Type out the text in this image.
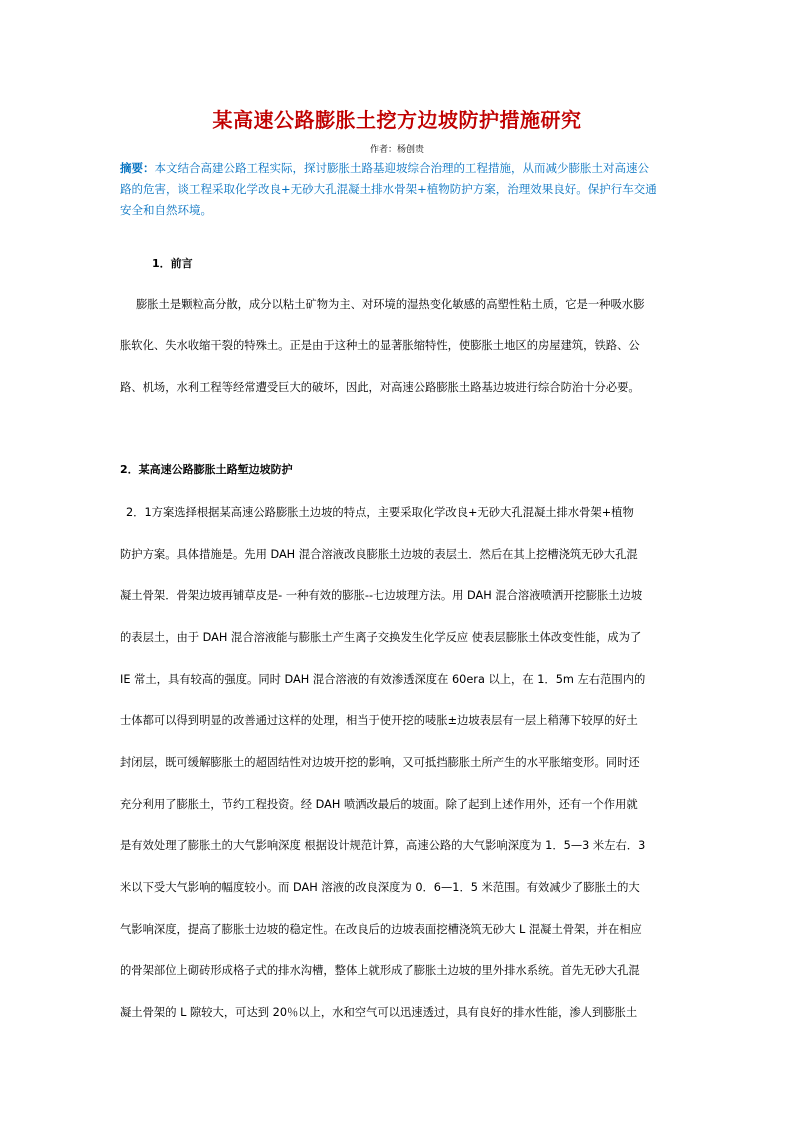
某高速公路膨胀土挖方边坡防护措施研究
作者：杨创贵
摘要：本文结合高建公路工程实际，探讨膨胀土路基迎坡综合治理的工程措施，从而减少膨胀土对高速公
路的危害，谈工程采取化学改良+无砂大孔混凝土排水骨架+植物防护方案，治理效果良好。保护行车交通
安全和自然环境。
1．前言
膨胀土是颗粒高分散，成分以粘土矿物为主、对环境的湿热变化敏感的高塑性粘土质，它是一种吸水膨
胀软化、失水收缩干裂的特殊土。正是由于这种土的显著胀缩特性，使膨胀土地区的房屋建筑，铁路、公
路、机场，水利工程等经常遭受巨大的破坏，因此，对高速公路膨胀土路基边坡进行综合防治十分必要。
2．某高速公路膨胀土路堑边坡防护
2．1方案选择根据某高速公路膨胀土边坡的特点，主要采取化学改良+无砂大孔混凝土排水骨架+植物
防护方案。具体措施是。先用 DAH 混合溶液改良膨胀土边坡的表层土．然后在其上挖槽浇筑无砂大孔混
凝土骨架．骨架边坡再铺草皮是- 一种有效的膨胀--七边坡理方法。用 DAH 混合溶液喷洒开挖膨胀土边坡
的表层土，由于 DAH 混合溶液能与膨胀土产生离子交换发生化学反应 使表层膨胀土体改变性能，成为了
IE 常土，具有较高的强度。同时 DAH 混合溶液的有效渗透深度在 60era 以上，在 1．5m 左右范围内的
士体都可以得到明显的改善通过这样的处理，相当于使开挖的唛胀±边坡表层有一层上稍薄下较厚的好土
封闭层，既可缓解膨胀土的超固结性对边坡开挖的影响，又可抵挡膨胀土所产生的水平胀缩变形。同时还
充分利用了膨胀土，节约工程投资。经 DAH 喷洒改最后的坡面。除了起到上述作用外，还有一个作用就
是有效处理了膨胀土的大气影响深度 根据设计规范计算，高速公路的大气影响深度为 1．5—3 米左右．3
米以下受大气影响的幅度较小。而 DAH 溶液的改良深度为 0．6—1．5 米范围。有效减少了膨胀土的大
气影响深度，提高了膨胀士边坡的稳定性。在改良后的边坡表面挖槽浇筑无砂大 L 混凝土骨架，并在相应
的骨架部位上砌砖形成格子式的排水沟槽，整体上就形成了膨胀土边坡的里外排水系统。首先无砂大孔混
凝土骨架的 L 隙较大，可达到 20％以上，水和空气可以迅速透过，具有良好的排水性能，渗人到膨胀土
